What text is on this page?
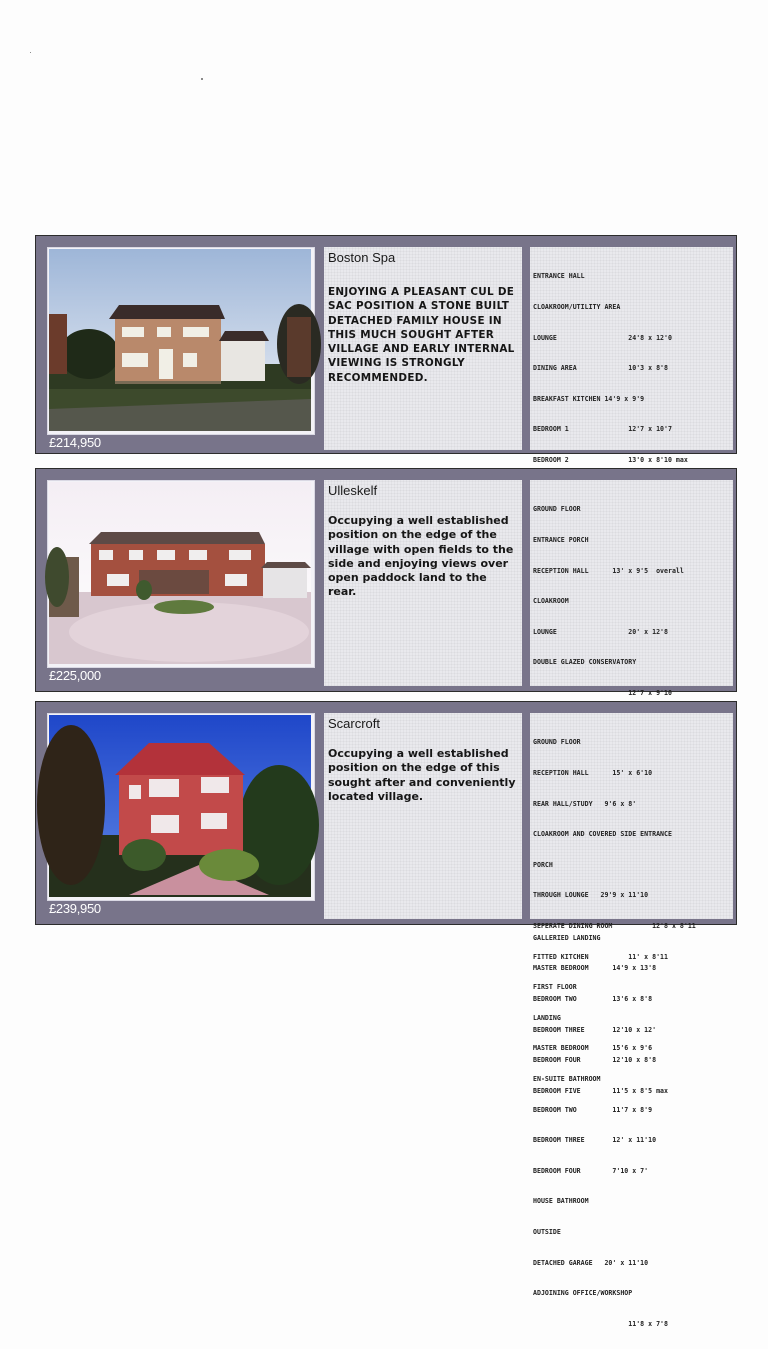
£214,950
Boston Spa
ENJOYING A PLEASANT CUL DE SAC POSITION A STONE BUILT DETACHED FAMILY HOUSE IN THIS MUCH SOUGHT AFTER VILLAGE AND EARLY INTERNAL VIEWING IS STRONGLY RECOMMENDED.

ENTRANCE HALL

CLOAKROOM/UTILITY AREA

LOUNGE                  24'8 x 12'0

DINING AREA             10'3 x 8'8

BREAKFAST KITCHEN 14'9 x 9'9

BEDROOM 1               12'7 x 10'7

BEDROOM 2               13'0 x 8'10 max

£225,000
Ulleskelf
Occupying a well established position on the edge of the village with open fields to the side and enjoying views over open paddock land to the rear.

GROUND FLOOR

ENTRANCE PORCH

RECEPTION HALL      13' x 9'5  overall

CLOAKROOM

LOUNGE                  20' x 12'8

DOUBLE GLAZED CONSERVATORY

12'7 x 9'10

GALLERIED LANDING

MASTER BEDROOM      14'9 x 13'8

BEDROOM TWO         13'6 x 8'8

BEDROOM THREE       12'10 x 12'

BEDROOM FOUR        12'10 x 8'8

BEDROOM FIVE        11'5 x 8'5 max

£239,950
Scarcroft
Occupying a well established position on the edge of this sought after and conveniently located village.

GROUND FLOOR

RECEPTION HALL      15' x 6'10

REAR HALL/STUDY   9'6 x 8'

CLOAKROOM AND COVERED SIDE ENTRANCE

PORCH

THROUGH LOUNGE   29'9 x 11'10

SEPERATE DINING ROOM          12'8 x 8'11

FITTED KITCHEN          11' x 8'11

FIRST FLOOR

LANDING

MASTER BEDROOM      15'6 x 9'6

EN-SUITE BATHROOM

BEDROOM TWO         11'7 x 8'9

BEDROOM THREE       12' x 11'10

BEDROOM FOUR        7'10 x 7'

HOUSE BATHROOM

OUTSIDE

DETACHED GARAGE   20' x 11'10

ADJOINING OFFICE/WORKSHOP

11'8 x 7'8
